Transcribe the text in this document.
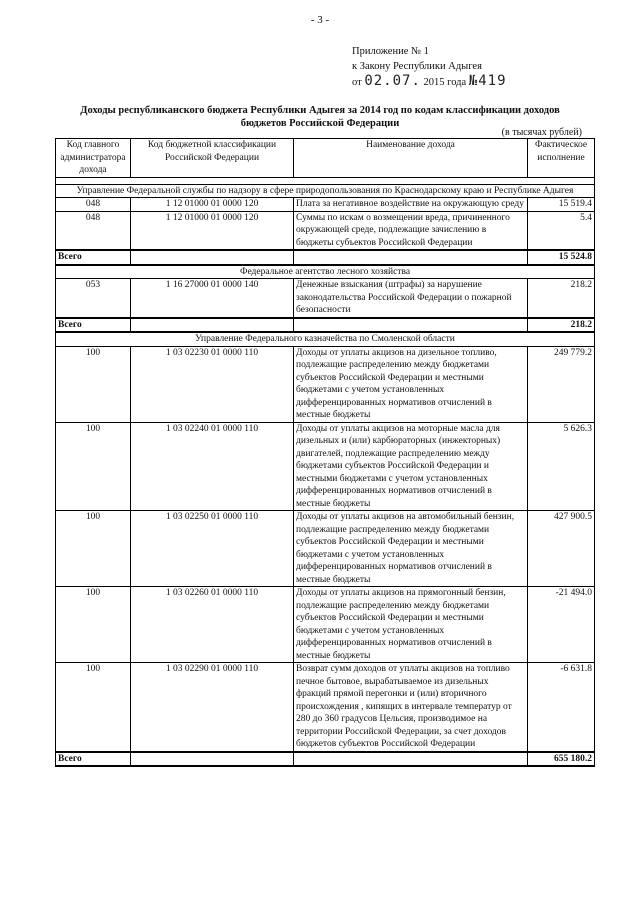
- 3 -
Приложение № 1
к Закону Республики Адыгея
от 02.07. 2015 года №419
Доходы республиканского бюджета Республики Адыгея за 2014 год по кодам классификации доходов бюджетов Российской Федерации
(в тысячах рублей)
Код главного администратора дохода	Код бюджетной классификации Российской Федерации	Наименование дохода	Фактическое исполнение

Управление Федеральной службы по надзору в сфере природопользования по Краснодарскому краю и Республике Адыгея			
048	1 12 01000 01 0000 120	Плата за негативное воздействие на окружающую среду	15 519.4
048	1 12 01000 01 0000 120	Суммы по искам о возмещении вреда, причиненного окружающей среде, подлежащие зачислению в бюджеты субъектов Российской Федерации	5.4
Всего			15 524.8
Федеральное агентство лесного хозяйства			
053	1 16 27000 01 0000 140	Денежные взыскания (штрафы) за нарушение законодательства Российской Федерации о пожарной безопасности	218.2
Всего			218.2
Управление Федерального казначейства по Смоленской области			
100	1 03 02230 01 0000 110	Доходы от уплаты акцизов на дизельное топливо, подлежащие распределению между бюджетами субъектов Российской Федерации и местными бюджетами с учетом установленных дифференцированных нормативов отчислений в местные бюджеты	249 779.2
100	1 03 02240 01 0000 110	Доходы от уплаты акцизов на моторные масла для дизельных и (или) карбюраторных (инжекторных) двигателей, подлежащие распределению между бюджетами субъектов Российской Федерации и местными бюджетами с учетом установленных дифференцированных нормативов отчислений в местные бюджеты	5 626.3
100	1 03 02250 01 0000 110	Доходы от уплаты акцизов на автомобильный бензин, подлежащие распределению между бюджетами субъектов Российской Федерации и местными бюджетами с учетом установленных дифференцированных нормативов отчислений в местные бюджеты	427 900.5
100	1 03 02260 01 0000 110	Доходы от уплаты акцизов на прямогонный бензин, подлежащие распределению между бюджетами субъектов Российской Федерации и местными бюджетами с учетом установленных дифференцированных нормативов отчислений в местные бюджеты	-21 494.0
100	1 03 02290 01 0000 110	Возврат сумм доходов от уплаты акцизов на топливо печное бытовое, вырабатываемое из дизельных фракций прямой перегонки и (или) вторичного происхождения , кипящих в интервале температур от 280 до 360 градусов Цельсия, производимое на территории Российской Федерации, за счет доходов бюджетов субъектов Российской Федерации	-6 631.8
Всего			655 180.2
